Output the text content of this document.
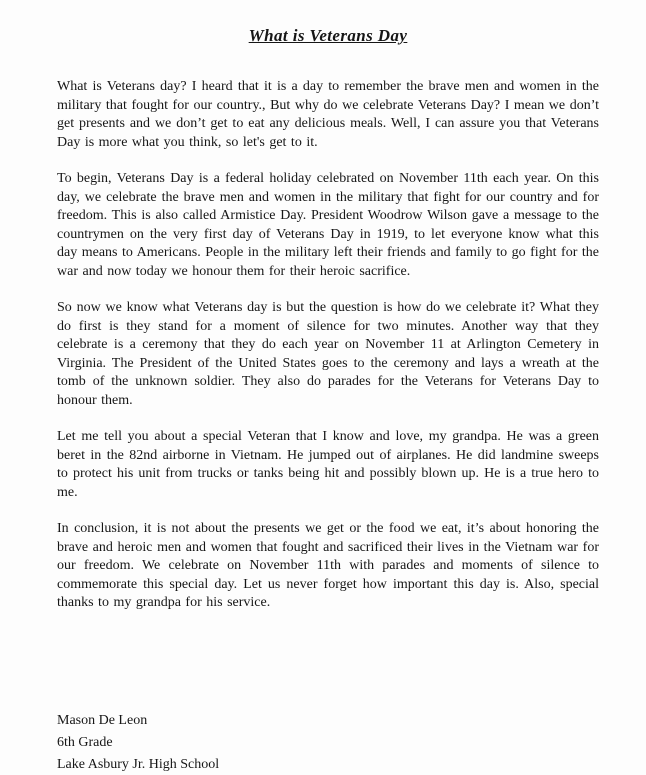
What is Veterans Day

What is Veterans day? I heard that it is a day to remember the brave men and women in the military that fought for our country., But why do we celebrate Veterans Day? I mean we don’t get presents and we don’t get to eat any delicious meals. Well, I can assure you that Veterans Day is more what you think, so let's get to it.

To begin, Veterans Day is a federal holiday celebrated on November 11th each year. On this day, we celebrate the brave men and women in the military that fight for our country and for freedom. This is also called Armistice Day. President Woodrow Wilson gave a message to the countrymen on the very first day of Veterans Day in 1919, to let everyone know what this day means to Americans. People in the military left their friends and family to go fight for the war and now today we honour them for their heroic sacrifice.

So now we know what Veterans day is but the question is how do we celebrate it? What they do first is they stand for a moment of silence for two minutes. Another way that they celebrate is a ceremony that they do each year on November 11 at Arlington Cemetery in Virginia. The President of the United States goes to the ceremony and lays a wreath at the tomb of the unknown soldier. They also do parades for the Veterans for Veterans Day to honour them.

Let me tell you about a special Veteran that I know and love, my grandpa. He was a green beret in the 82nd airborne in Vietnam. He jumped out of airplanes. He did landmine sweeps to protect his unit from trucks or tanks being hit and possibly blown up. He is a true hero to me.

In conclusion, it is not about the presents we get or the food we eat, it’s about honoring the brave and heroic men and women that fought and sacrificed their lives in the Vietnam war for our freedom. We celebrate on November 11th with parades and moments of silence to commemorate this special day. Let us never forget how important this day is. Also, special thanks to my grandpa for his service.

Mason De Leon
6th Grade
Lake Asbury Jr. High School
